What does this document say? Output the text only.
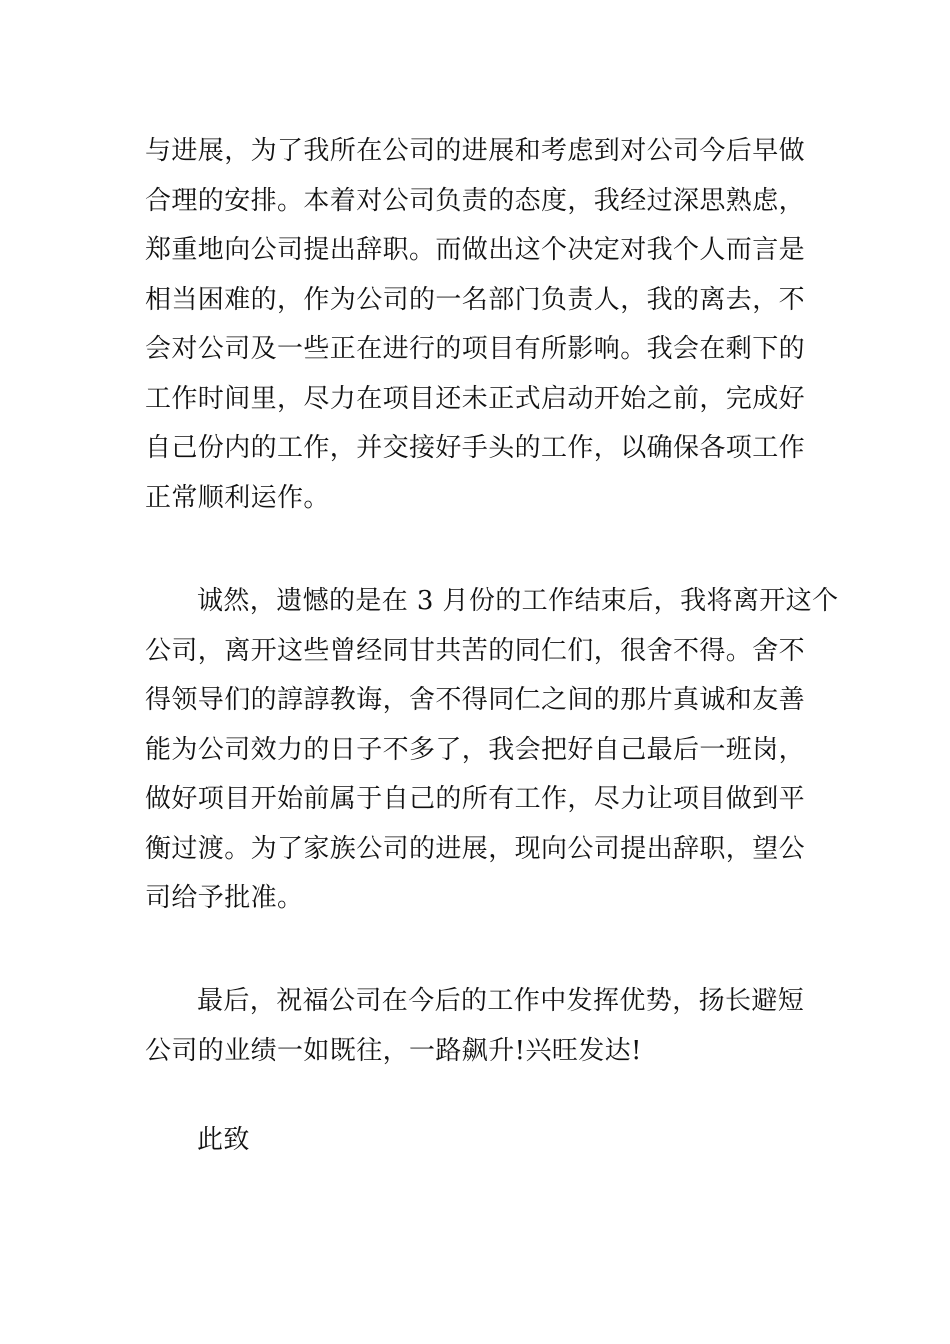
与进展，为了我所在公司的进展和考虑到对公司今后早做
合理的安排。本着对公司负责的态度，我经过深思熟虑，
郑重地向公司提出辞职。而做出这个决定对我个人而言是
相当困难的，作为公司的一名部门负责人，我的离去，不
会对公司及一些正在进行的项目有所影响。我会在剩下的
工作时间里，尽力在项目还未正式启动开始之前，完成好
自己份内的工作，并交接好手头的工作，以确保各项工作
正常顺利运作。
诚然，遗憾的是在 3 月份的工作结束后，我将离开这个
公司，离开这些曾经同甘共苦的同仁们，很舍不得。舍不
得领导们的諄諄教诲，舍不得同仁之间的那片真诚和友善
能为公司效力的日子不多了，我会把好自己最后一班岗，
做好项目开始前属于自己的所有工作，尽力让项目做到平
衡过渡。为了家族公司的进展，现向公司提出辞职，望公
司给予批准。
最后，祝福公司在今后的工作中发挥优势，扬长避短
公司的业绩一如既往，一路飙升!兴旺发达!
此致
